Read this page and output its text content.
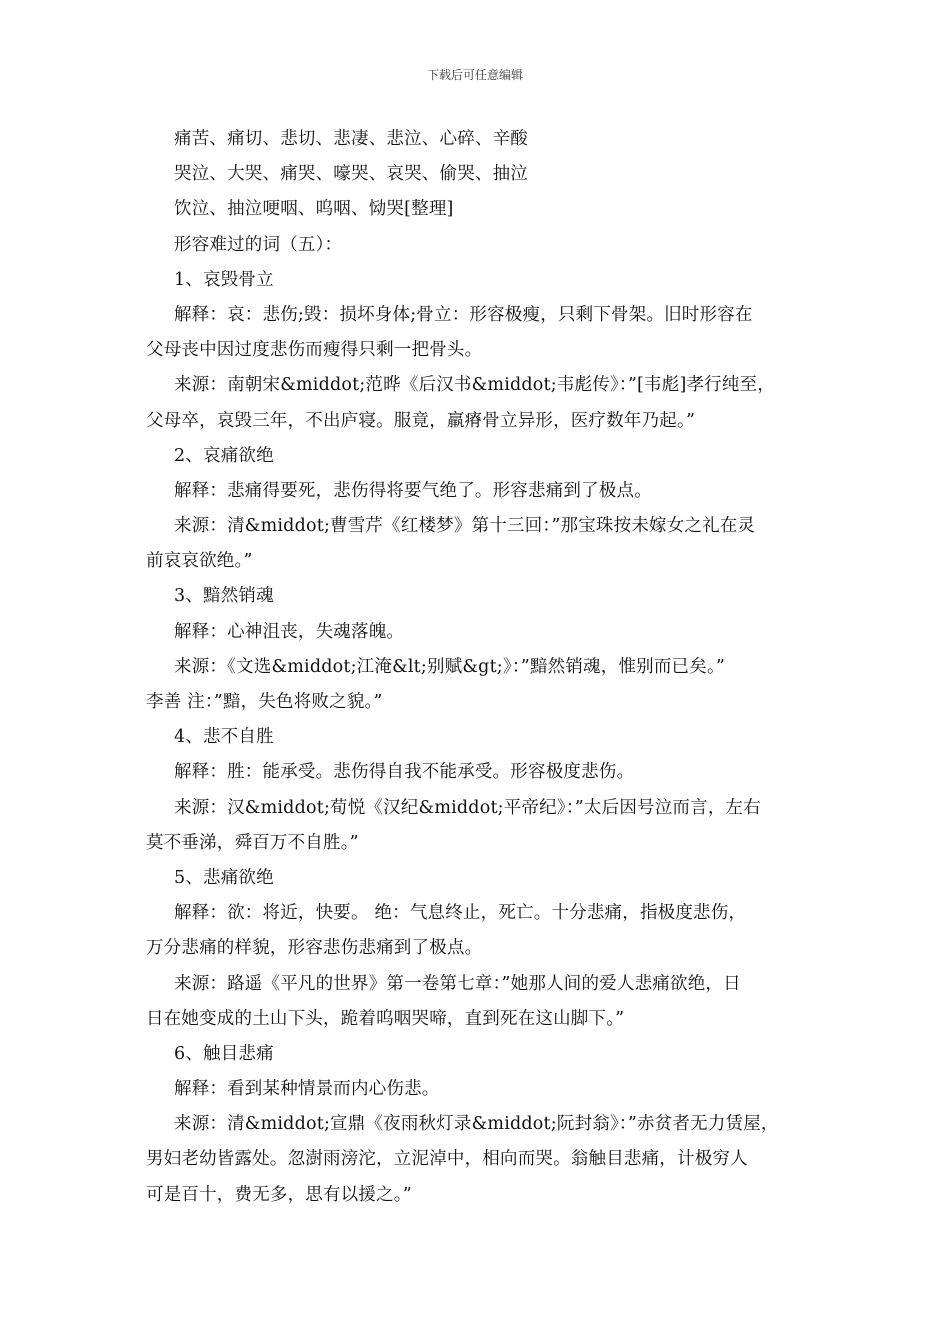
下载后可任意编辑
痛苦、痛切、悲切、悲凄、悲泣、心碎、辛酸
哭泣、大哭、痛哭、嚎哭、哀哭、偷哭、抽泣
饮泣、抽泣哽咽、呜咽、恸哭[整理]
形容难过的词（五）：
1、哀毁骨立
解释：哀：悲伤;毁：损坏身体;骨立：形容极瘦，只剩下骨架。旧时形容在
父母丧中因过度悲伤而瘦得只剩一把骨头。
来源：南朝宋&middot;范晔《后汉书&middot;韦彪传》：”[韦彪]孝行纯至，
父母卒，哀毁三年，不出庐寝。服竟，羸瘠骨立异形，医疗数年乃起。”
2、哀痛欲绝
解释：悲痛得要死，悲伤得将要气绝了。形容悲痛到了极点。
来源：清&middot;曹雪芹《红楼梦》第十三回：”那宝珠按未嫁女之礼在灵
前哀哀欲绝。”
3、黯然销魂
解释：心神沮丧，失魂落魄。
来源：《文选&middot;江淹&lt;别赋&gt;》：”黯然销魂，惟别而已矣。”
李善 注：”黯，失色将败之貌。”
4、悲不自胜
解释：胜：能承受。悲伤得自我不能承受。形容极度悲伤。
来源：汉&middot;荀悦《汉纪&middot;平帝纪》：”太后因号泣而言，左右
莫不垂涕，舜百万不自胜。”
5、悲痛欲绝
解释：欲：将近，快要。 绝：气息终止，死亡。十分悲痛，指极度悲伤，
万分悲痛的样貌，形容悲伤悲痛到了极点。
来源：路遥《平凡的世界》第一卷第七章：”她那人间的爱人悲痛欲绝，日
日在她变成的土山下头，跪着呜咽哭啼，直到死在这山脚下。”
6、触目悲痛
解释：看到某种情景而内心伤悲。
来源：清&middot;宣鼎《夜雨秋灯录&middot;阮封翁》：”赤贫者无力赁屋，
男妇老幼皆露处。忽澍雨滂沱，立泥淖中，相向而哭。翁触目悲痛，计极穷人
可是百十，费无多，思有以援之。”
